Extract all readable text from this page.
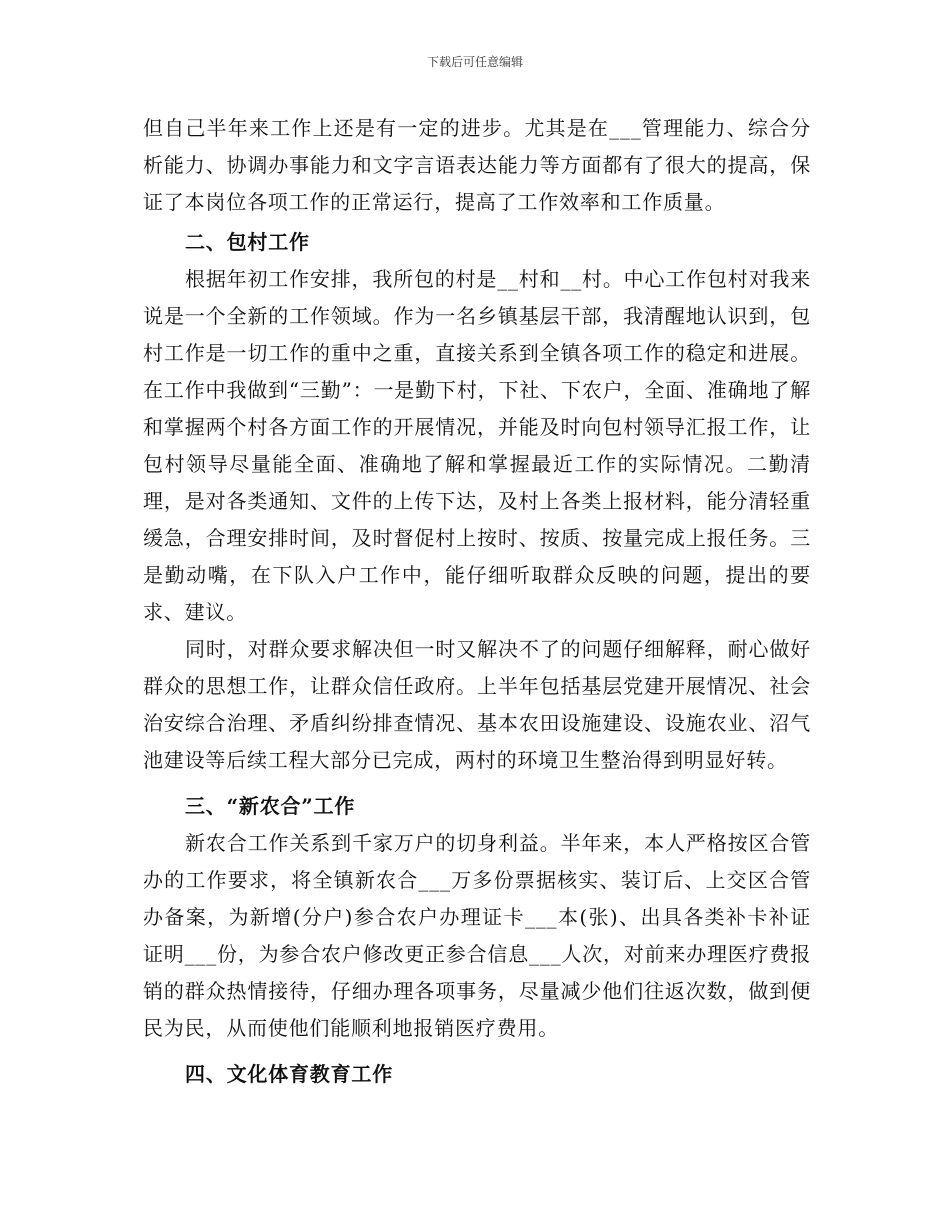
下载后可任意编辑

但自己半年来工作上还是有一定的进步。尤其是在___管理能力、综合分析能力、协调办事能力和文字言语表达能力等方面都有了很大的提高，保证了本岗位各项工作的正常运行，提高了工作效率和工作质量。

二、包村工作

根据年初工作安排，我所包的村是__村和__村。中心工作包村对我来说是一个全新的工作领域。作为一名乡镇基层干部，我清醒地认识到，包村工作是一切工作的重中之重，直接关系到全镇各项工作的稳定和进展。在工作中我做到“三勤”：一是勤下村，下社、下农户，全面、准确地了解和掌握两个村各方面工作的开展情况，并能及时向包村领导汇报工作，让包村领导尽量能全面、准确地了解和掌握最近工作的实际情况。二勤清理，是对各类通知、文件的上传下达，及村上各类上报材料，能分清轻重缓急，合理安排时间，及时督促村上按时、按质、按量完成上报任务。三是勤动嘴，在下队入户工作中，能仔细听取群众反映的问题，提出的要求、建议。

同时，对群众要求解决但一时又解决不了的问题仔细解释，耐心做好群众的思想工作，让群众信任政府。上半年包括基层党建开展情况、社会治安综合治理、矛盾纠纷排查情况、基本农田设施建设、设施农业、沼气池建设等后续工程大部分已完成，两村的环境卫生整治得到明显好转。

三、“新农合”工作

新农合工作关系到千家万户的切身利益。半年来，本人严格按区合管办的工作要求，将全镇新农合___万多份票据核实、装订后、上交区合管办备案，为新增(分户)参合农户办理证卡___本(张)、出具各类补卡补证证明___份，为参合农户修改更正参合信息___人次，对前来办理医疗费报销的群众热情接待，仔细办理各项事务，尽量减少他们往返次数，做到便民为民，从而使他们能顺利地报销医疗费用。

四、文化体育教育工作
